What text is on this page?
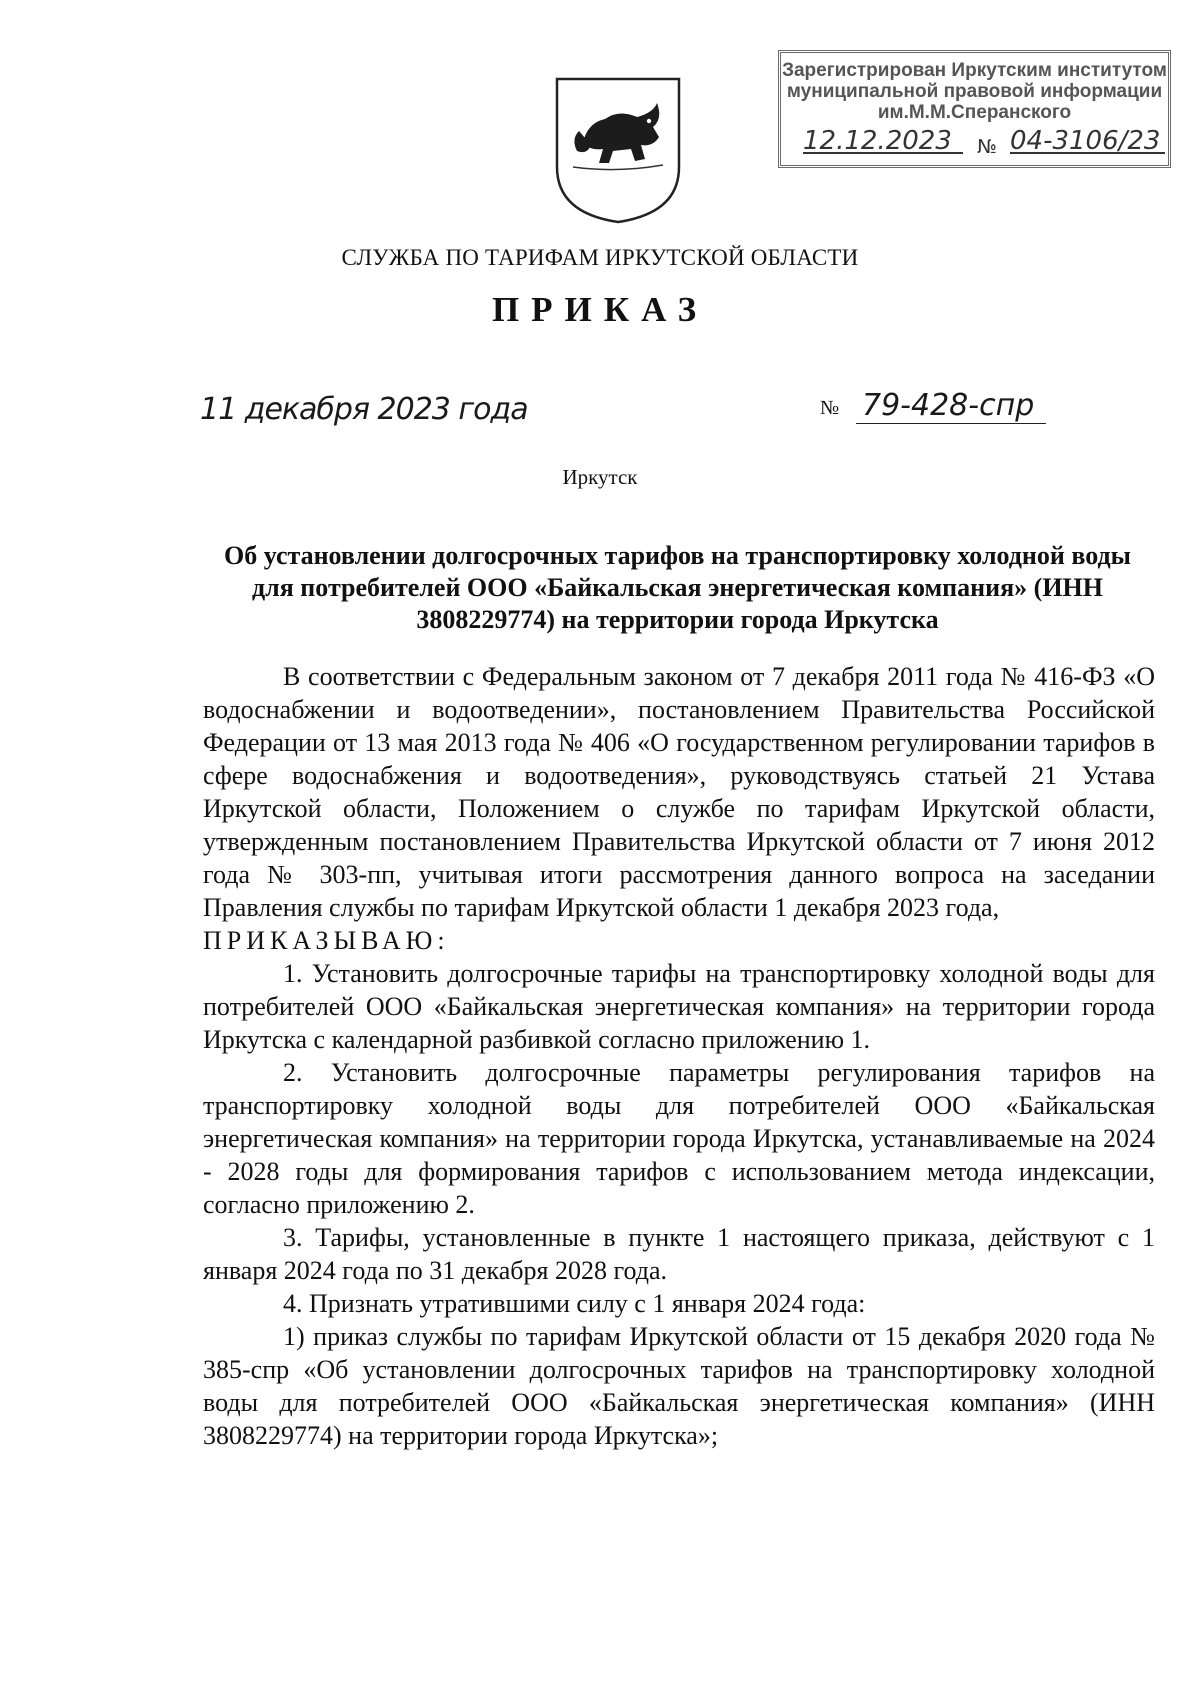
Зарегистрирован Иркутским институтом
муниципальной правовой информации
им.М.М.Сперанского
12.12.2023	№ 04-3106/23
СЛУЖБА ПО ТАРИФАМ ИРКУТСКОЙ ОБЛАСТИ
ПРИКАЗ
11 декабря 2023 года	№ 79-428-спр
Иркутск
Об установлении долгосрочных тарифов на транспортировку холодной воды для потребителей ООО «Байкальская энергетическая компания» (ИНН 3808229774) на территории города Иркутска

В соответствии с Федеральным законом от 7 декабря 2011 года № 416-ФЗ «О водоснабжении и водоотведении», постановлением Правительства Российской Федерации от 13 мая 2013 года № 406 «О государственном регулировании тарифов в сфере водоснабжения и водоотведения», руководствуясь статьей 21 Устава Иркутской области, Положением о службе по тарифам Иркутской области, утвержденным постановлением Правительства Иркутской области от 7 июня 2012 года № 303-пп, учитывая итоги рассмотрения данного вопроса на заседании Правления службы по тарифам Иркутской области 1 декабря 2023 года,

ПРИКАЗЫВАЮ:

1. Установить долгосрочные тарифы на транспортировку холодной воды для потребителей ООО «Байкальская энергетическая компания» на территории города Иркутска с календарной разбивкой согласно приложению 1.

2. Установить долгосрочные параметры регулирования тарифов на транспортировку холодной воды для потребителей ООО «Байкальская энергетическая компания» на территории города Иркутска, устанавливаемые на 2024 - 2028 годы для формирования тарифов с использованием метода индексации, согласно приложению 2.

3. Тарифы, установленные в пункте 1 настоящего приказа, действуют с 1 января 2024 года по 31 декабря 2028 года.

4. Признать утратившими силу с 1 января 2024 года:

1) приказ службы по тарифам Иркутской области от 15 декабря 2020 года № 385-спр «Об установлении долгосрочных тарифов на транспортировку холодной воды для потребителей ООО «Байкальская энергетическая компания» (ИНН 3808229774) на территории города Иркутска»;
